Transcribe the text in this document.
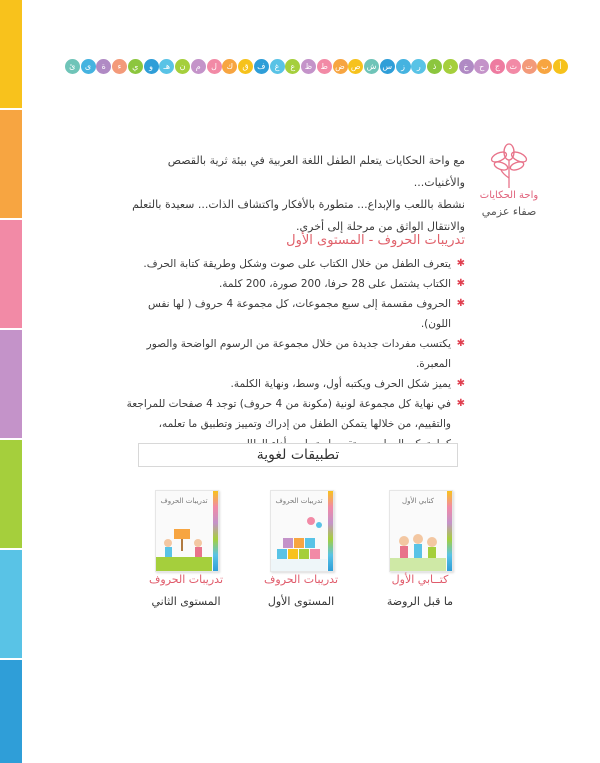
أ
ب
ت
ث
ج
ح
خ
د
ذ
ر
ز
س
ش
ص
ض
ط
ظ
ع
غ
ف
ق
ك
ل
م
ن
هـ
و
ي
ء
ة
ى
ئ
واحة الحكايات
صفاء عزمي
مع واحة الحكايات يتعلم الطفل اللغة العربية في بيئة ثرية بالقصص والأغنيات...
نشطة باللعب والإبداع... متطورة بالأفكار واكتشاف الذات... سعيدة بالتعلم
والانتقال الواثق من مرحلة إلى أخرى.
تدريبات الحروف - المستوى الأول
✱
يتعرف الطفل من خلال الكتاب على صوت وشكل وطريقة كتابة الحرف.
✱
الكتاب يشتمل على 28 حرفا، 200 صورة، 200 كلمة.
✱
الحروف مقسمة إلى سبع مجموعات، كل مجموعة 4 حروف ( لها نفس اللون).
✱
يكتسب مفردات جديدة من خلال مجموعة من الرسوم الواضحة والصور المعبرة.
✱
يميز شكل الحرف ويكتبه أول، وسط، ونهاية الكلمة.
✱
في نهاية كل مجموعة لونية (مكونة من 4 حروف) توجد 4 صفحات للمراجعة
والتقييم، من خلالها يتمكن الطفل من إدراك وتمييز وتطبيق ما تعلمه،
تطبيقات لغوية
كتابي الأول
كتــابي الأول
ما قبل الروضة
تدريبات الحروف
تدريبات الحروف
المستوى الأول
تدريبات الحروف
تدريبات الحروف
المستوى الثاني
